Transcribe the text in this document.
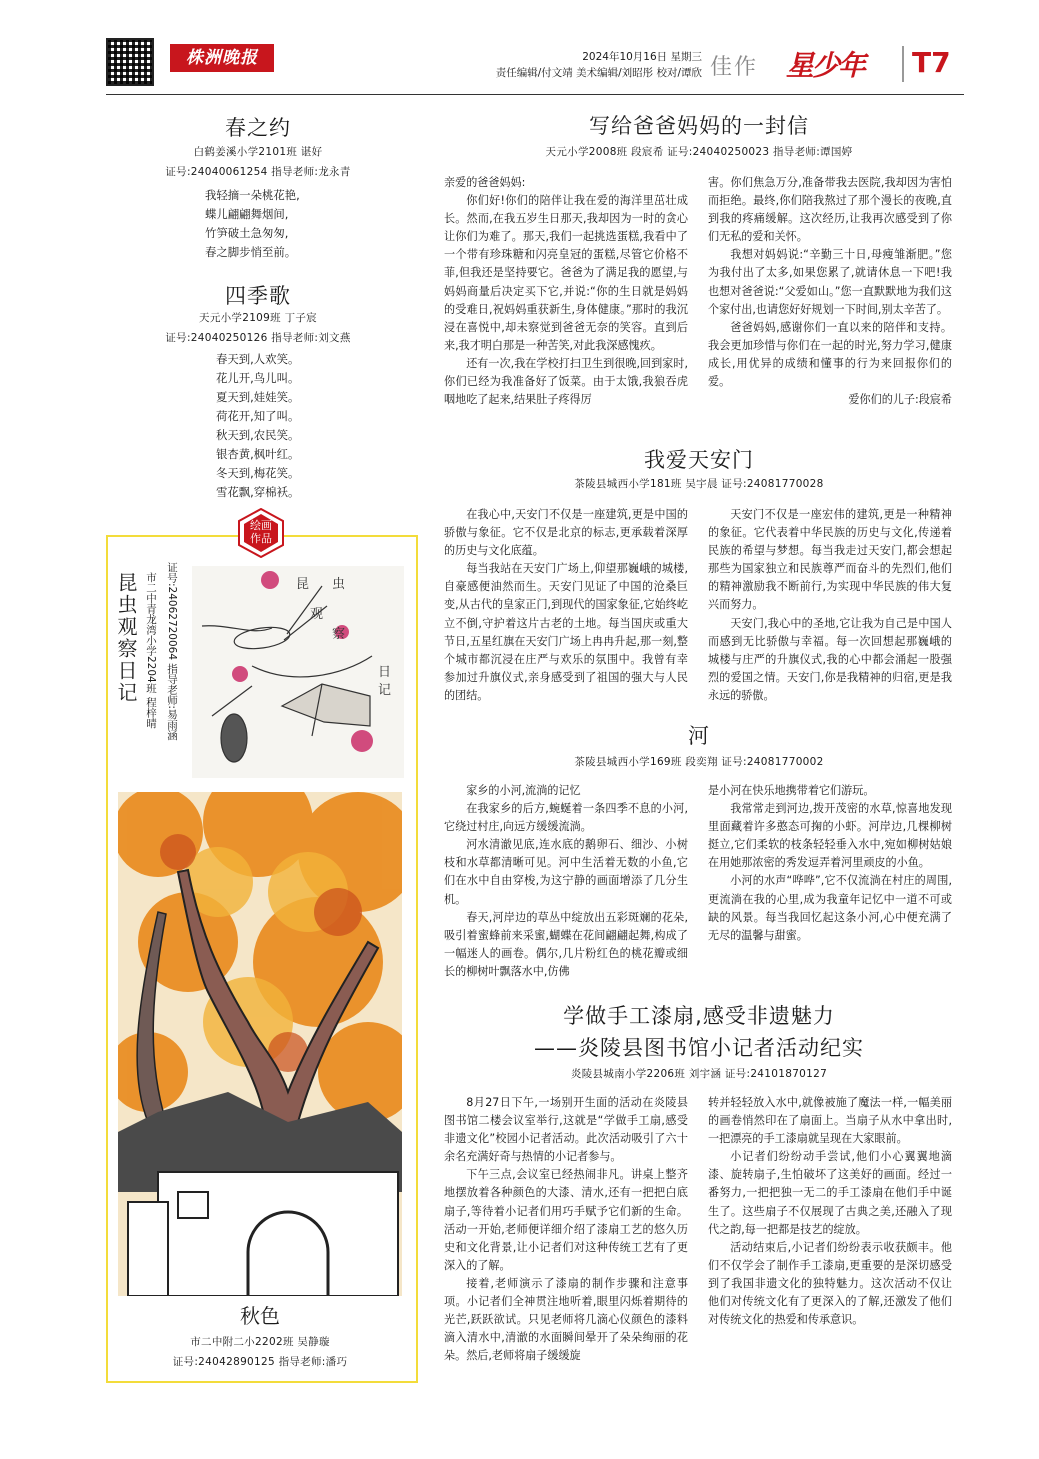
株洲晚报	2024年10月16日 星期三
责任编辑/付文靖 美术编辑/刘昭彤 校对/谭欣 佳作 星少年 T7
春之约
白鹤姜溪小学2101班 谌好
证号:24040061254 指导老师:龙永青
我轻摘一朵桃花艳,
蝶儿翩翩舞烟间,
竹笋破土急匆匆,
春之脚步悄至前。
四季歌
天元小学2109班 丁子宸
证号:24040250126 指导老师:刘文燕
春天到,人欢笑。
花儿开,鸟儿叫。
夏天到,娃娃笑。
荷花开,知了叫。
秋天到,农民笑。
银杏黄,枫叶红。
冬天到,梅花笑。
雪花飘,穿棉袄。
绘画
作品
昆虫观察日记 市二中青龙湾小学2204班 程梓晴 证号:24062720064 指导老师:易雨涵	昆 虫
观
察
日
记
秋色
市二中附二小2202班 吴静璇
证号:24042890125 指导老师:潘巧
写给爸爸妈妈的一封信
天元小学2008班 段宸希 证号:24040250023 指导老师:谭国婷

亲爱的爸爸妈妈:

你们好!你们的陪伴让我在爱的海洋里茁壮成长。然而,在我五岁生日那天,我却因为一时的贪心让你们为难了。那天,我们一起挑选蛋糕,我看中了一个带有珍珠糖和闪亮皇冠的蛋糕,尽管它价格不菲,但我还是坚持要它。爸爸为了满足我的愿望,与妈妈商量后决定买下它,并说:“你的生日就是妈妈的受难日,祝妈妈重获新生,身体健康。”那时的我沉浸在喜悦中,却未察觉到爸爸无奈的笑容。直到后来,我才明白那是一种苦笑,对此我深感愧疚。

还有一次,我在学校打扫卫生到很晚,回到家时,你们已经为我准备好了饭菜。由于太饿,我狼吞虎咽地吃了起来,结果肚子疼得厉

害。你们焦急万分,准备带我去医院,我却因为害怕而拒绝。最终,你们陪我熬过了那个漫长的夜晚,直到我的疼痛缓解。这次经历,让我再次感受到了你们无私的爱和关怀。

我想对妈妈说:“辛勤三十日,母瘦雏渐肥。”您为我付出了太多,如果您累了,就请休息一下吧!我也想对爸爸说:“父爱如山。”您一直默默地为我们这个家付出,也请您好好规划一下时间,别太辛苦了。

爸爸妈妈,感谢你们一直以来的陪伴和支持。我会更加珍惜与你们在一起的时光,努力学习,健康成长,用优异的成绩和懂事的行为来回报你们的爱。

爱你们的儿子:段宸希

我爱天安门
茶陵县城西小学181班 吴宇晨 证号:24081770028

在我心中,天安门不仅是一座建筑,更是中国的骄傲与象征。它不仅是北京的标志,更承载着深厚的历史与文化底蕴。

每当我站在天安门广场上,仰望那巍峨的城楼,自豪感便油然而生。天安门见证了中国的沧桑巨变,从古代的皇家正门,到现代的国家象征,它始终屹立不倒,守护着这片古老的土地。每当国庆或重大节日,五星红旗在天安门广场上冉冉升起,那一刻,整个城市都沉浸在庄严与欢乐的氛围中。我曾有幸参加过升旗仪式,亲身感受到了祖国的强大与人民的团结。

天安门不仅是一座宏伟的建筑,更是一种精神的象征。它代表着中华民族的历史与文化,传递着民族的希望与梦想。每当我走过天安门,都会想起那些为国家独立和民族尊严而奋斗的先烈们,他们的精神激励我不断前行,为实现中华民族的伟大复兴而努力。

天安门,我心中的圣地,它让我为自己是中国人而感到无比骄傲与幸福。每一次回想起那巍峨的城楼与庄严的升旗仪式,我的心中都会涌起一股强烈的爱国之情。天安门,你是我精神的归宿,更是我永远的骄傲。

河
茶陵县城西小学169班 段奕翔 证号:24081770002

家乡的小河,流淌的记忆

在我家乡的后方,蜿蜒着一条四季不息的小河,它绕过村庄,向远方缓缓流淌。

河水清澈见底,连水底的鹅卵石、细沙、小树枝和水草都清晰可见。河中生活着无数的小鱼,它们在水中自由穿梭,为这宁静的画面增添了几分生机。

春天,河岸边的草丛中绽放出五彩斑斓的花朵,吸引着蜜蜂前来采蜜,蝴蝶在花间翩翩起舞,构成了一幅迷人的画卷。偶尔,几片粉红色的桃花瓣或细长的柳树叶飘落水中,仿佛

是小河在快乐地携带着它们游玩。

我常常走到河边,拨开茂密的水草,惊喜地发现里面藏着许多憨态可掬的小虾。河岸边,几棵柳树挺立,它们柔软的枝条轻轻垂入水中,宛如柳树姑娘在用她那浓密的秀发逗弄着河里顽皮的小鱼。

小河的水声“哗哗”,它不仅流淌在村庄的周围,更流淌在我的心里,成为我童年记忆中一道不可或缺的风景。每当我回忆起这条小河,心中便充满了无尽的温馨与甜蜜。

学做手工漆扇,感受非遗魅力
——炎陵县图书馆小记者活动纪实
炎陵县城南小学2206班 刘宇涵 证号:24101870127

8月27日下午,一场别开生面的活动在炎陵县图书馆二楼会议室举行,这就是“学做手工扇,感受非遗文化”校园小记者活动。此次活动吸引了六十余名充满好奇与热情的小记者参与。

下午三点,会议室已经热闹非凡。讲桌上整齐地摆放着各种颜色的大漆、清水,还有一把把白底扇子,等待着小记者们用巧手赋予它们新的生命。活动一开始,老师便详细介绍了漆扇工艺的悠久历史和文化背景,让小记者们对这种传统工艺有了更深入的了解。

接着,老师演示了漆扇的制作步骤和注意事项。小记者们全神贯注地听着,眼里闪烁着期待的光芒,跃跃欲试。只见老师将几滴心仪颜色的漆料滴入清水中,清澈的水面瞬间晕开了朵朵绚丽的花朵。然后,老师将扇子缓缓旋

转并轻轻放入水中,就像被施了魔法一样,一幅美丽的画卷悄然印在了扇面上。当扇子从水中拿出时,一把漂亮的手工漆扇就呈现在大家眼前。

小记者们纷纷动手尝试,他们小心翼翼地滴漆、旋转扇子,生怕破坏了这美好的画面。经过一番努力,一把把独一无二的手工漆扇在他们手中诞生了。这些扇子不仅展现了古典之美,还融入了现代之韵,每一把都是技艺的绽放。

活动结束后,小记者们纷纷表示收获颇丰。他们不仅学会了制作手工漆扇,更重要的是深切感受到了我国非遗文化的独特魅力。这次活动不仅让他们对传统文化有了更深入的了解,还激发了他们对传统文化的热爱和传承意识。
